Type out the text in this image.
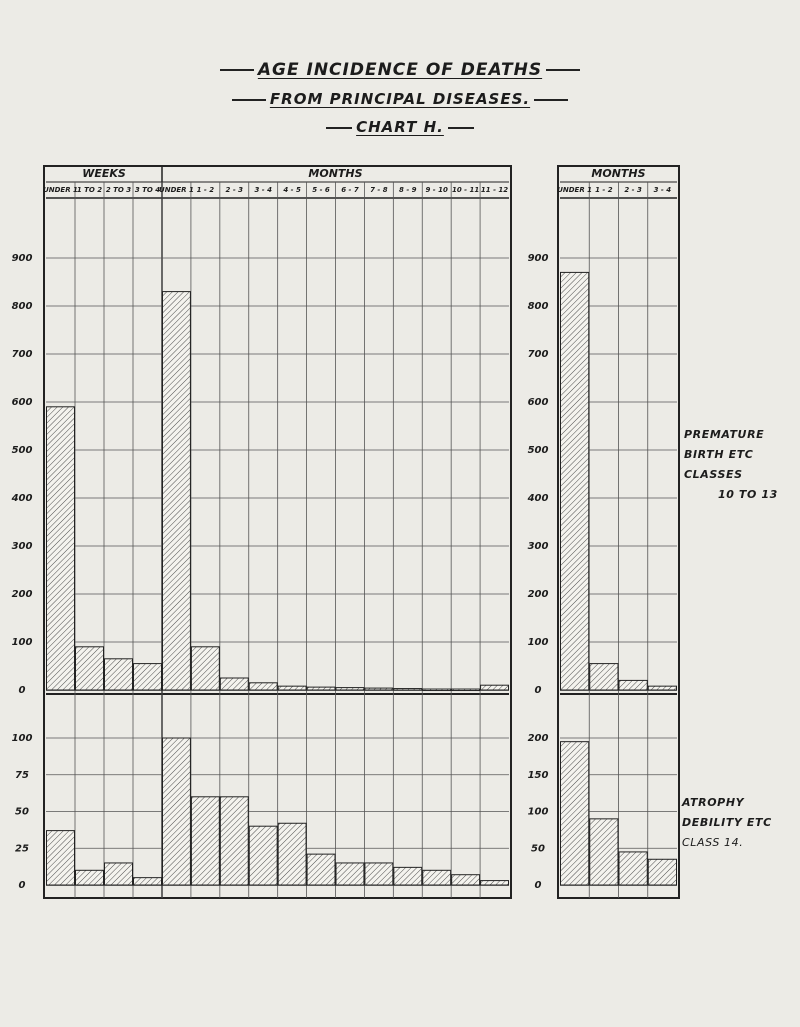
AGE INCIDENCE OF DEATHS
FROM PRINCIPAL DISEASES.
CHART H.
WEEKS	MONTHS	MONTHS
UNDER 1
1 TO 2 2 TO 3 3 TO 4
UNDER 1 1 - 2 2 - 3 3 - 4 4 - 5 5 - 6 6 - 7 7 - 8 8 - 9 9 - 10 10 - 11 11 - 12	UNDER 1 1 - 2 2 - 3 3 - 4
0	0
100	100
200	200
300	300
400	400
500	500
600	600
700	700
800	800
900	900
0	0
25	50
50	100
75	150
100	200
PREMATURE
BIRTH ETC
CLASSES
10 TO 13
ATROPHY
DEBILITY ETC
CLASS 14.
